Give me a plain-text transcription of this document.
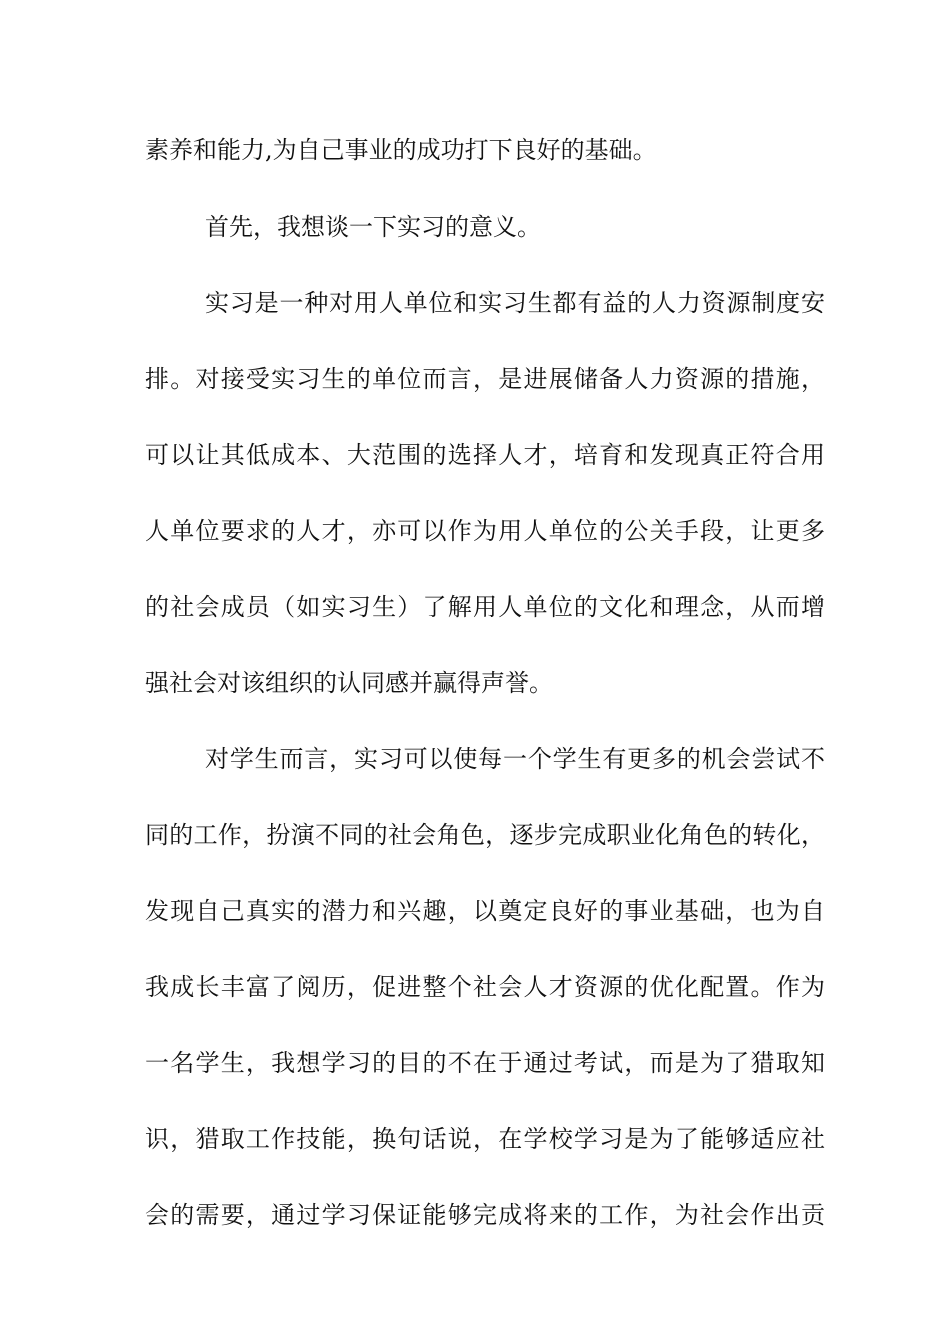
素养和能力,为自己事业的成功打下良好的基础。
首先，我想谈一下实习的意义。
实习是一种对用人单位和实习生都有益的人力资源制度安
排。对接受实习生的单位而言，是进展储备人力资源的措施，
可以让其低成本、大范围的选择人才，培育和发现真正符合用
人单位要求的人才，亦可以作为用人单位的公关手段，让更多
的社会成员（如实习生）了解用人单位的文化和理念，从而增
强社会对该组织的认同感并赢得声誉。
对学生而言，实习可以使每一个学生有更多的机会尝试不
同的工作，扮演不同的社会角色，逐步完成职业化角色的转化，
发现自己真实的潜力和兴趣，以奠定良好的事业基础，也为自
我成长丰富了阅历，促进整个社会人才资源的优化配置。作为
一名学生，我想学习的目的不在于通过考试，而是为了猎取知
识，猎取工作技能，换句话说，在学校学习是为了能够适应社
会的需要，通过学习保证能够完成将来的工作，为社会作出贡
